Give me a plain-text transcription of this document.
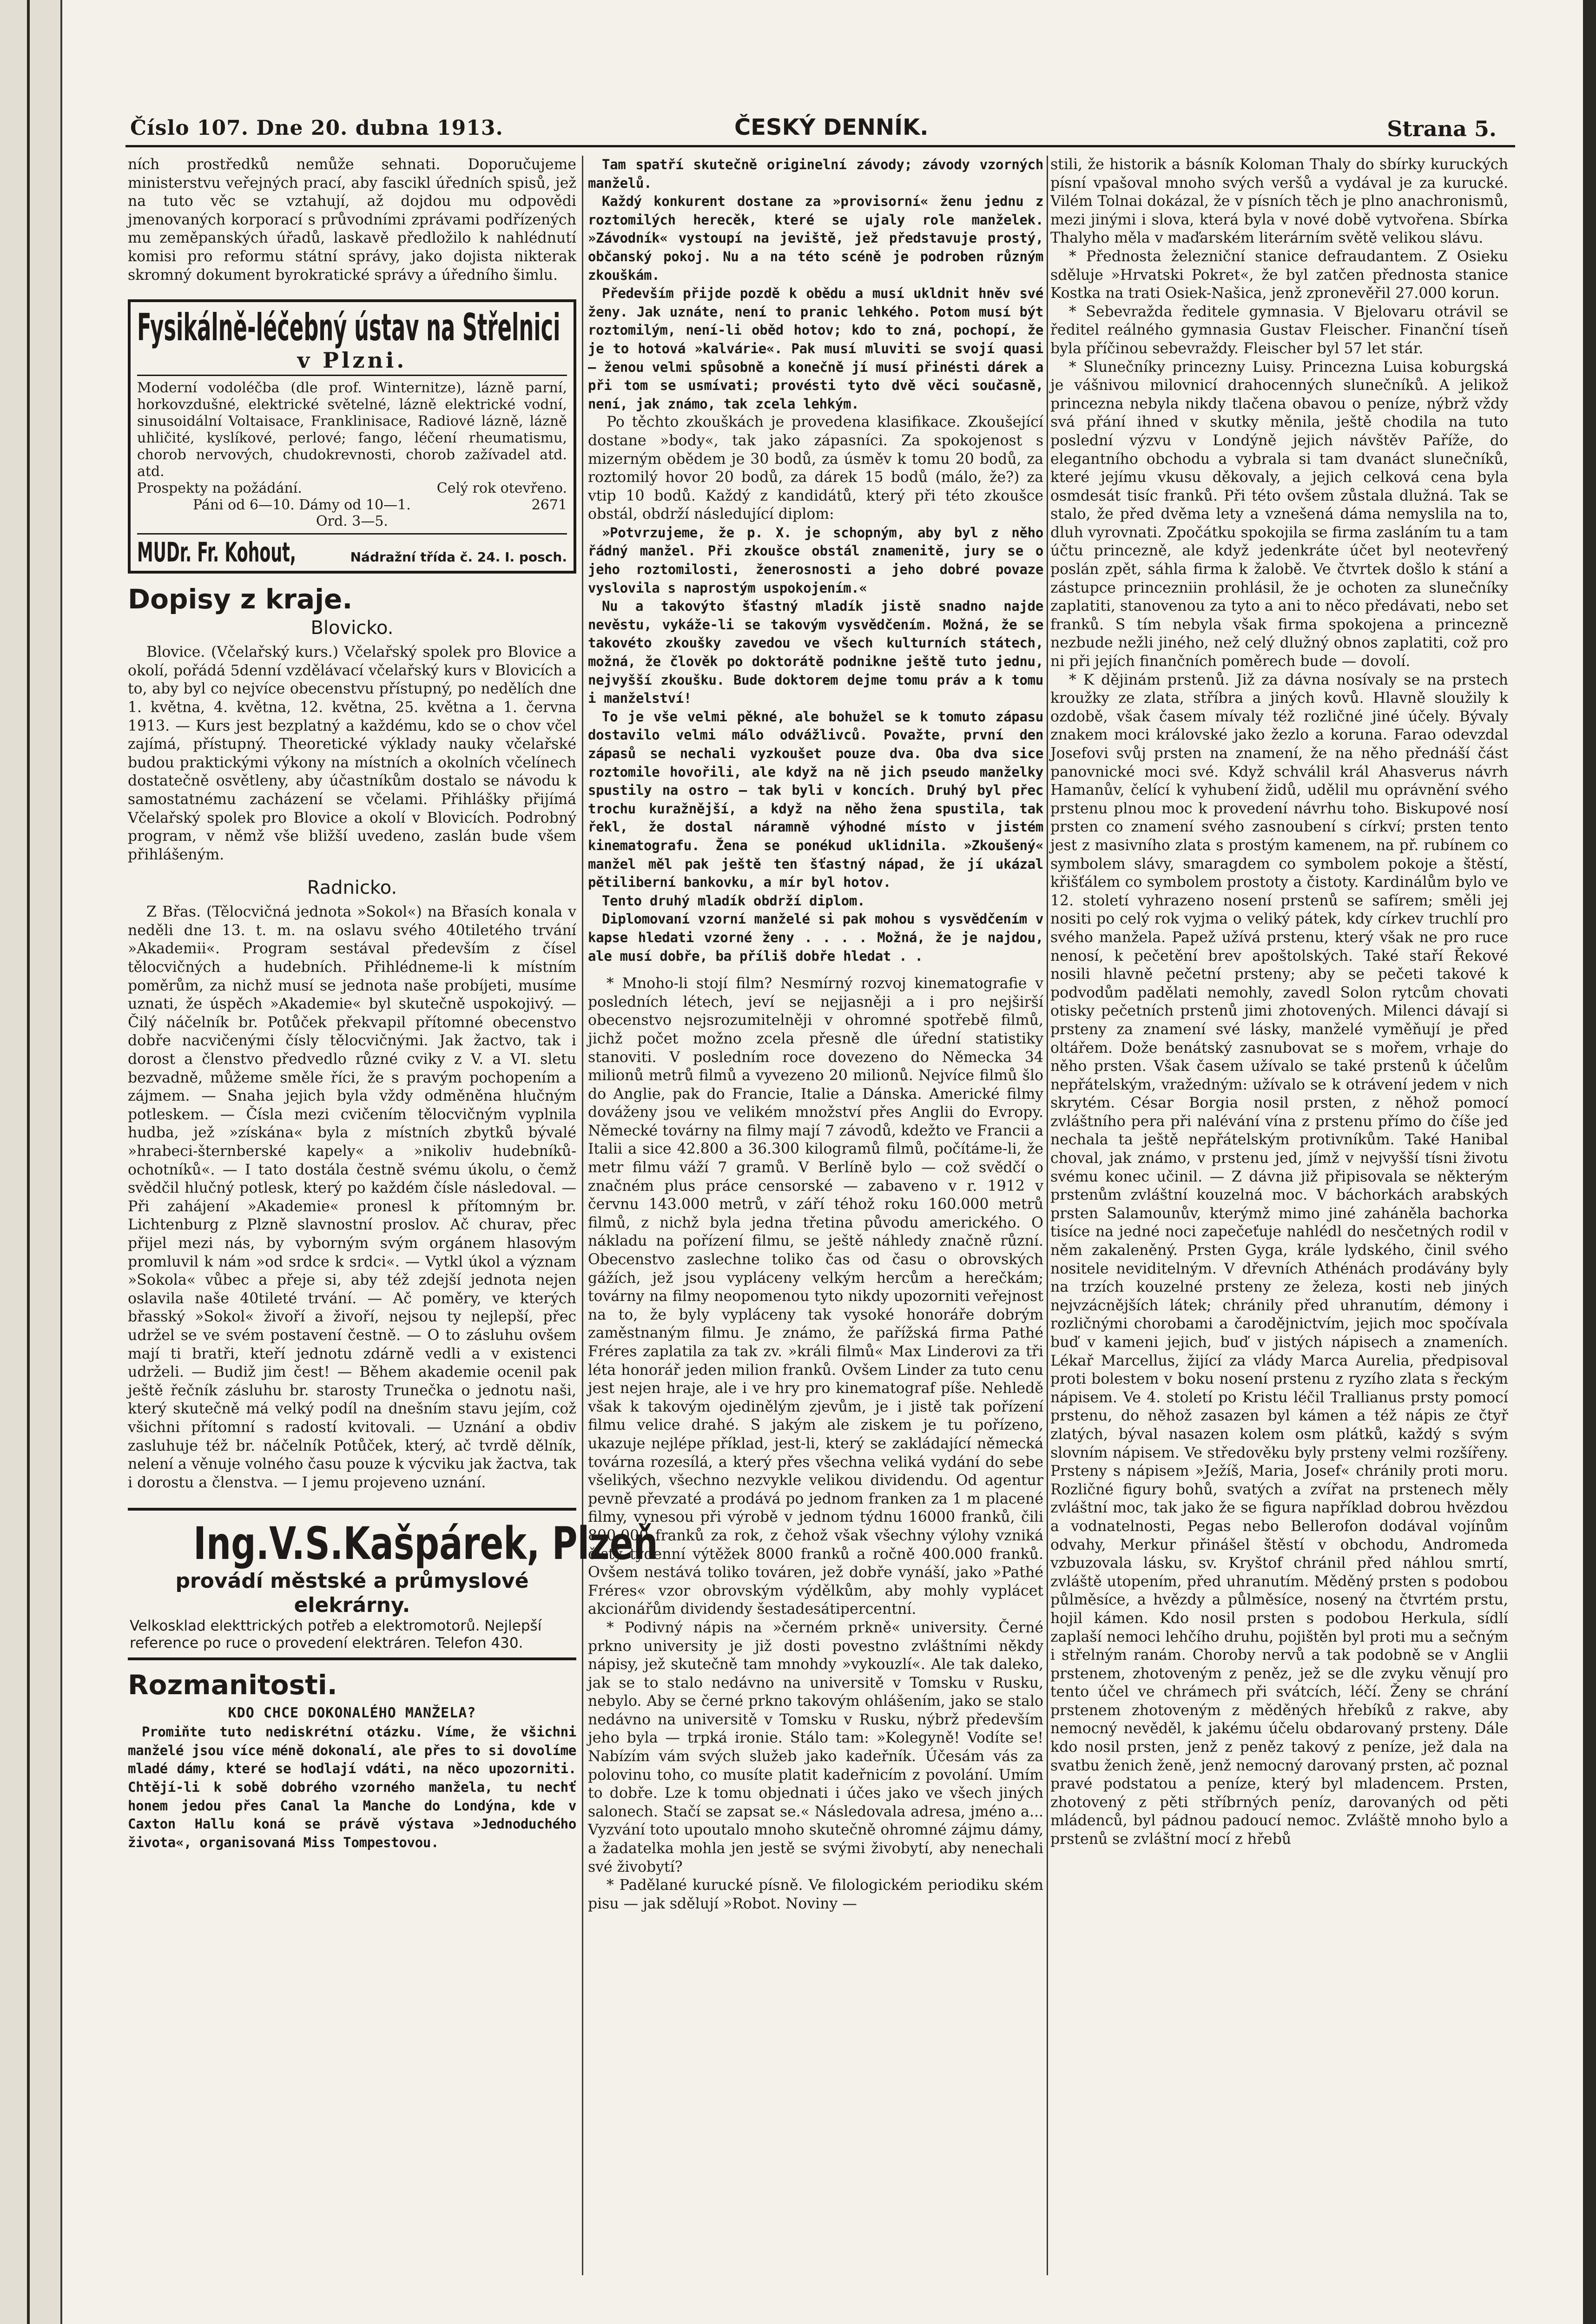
Číslo 107. Dne 20. dubna 1913.	ČESKÝ DENNÍK.	Strana 5.

ních prostředků nemůže sehnati. Doporučujeme ministerstvu veřejných prací, aby fascikl úředních spisů, jež na tuto věc se vztahují, až dojdou mu odpovědi jmenovaných korporací s průvodními zprávami podřízených mu zeměpanských úřadů, laskavě předložilo k nahlédnutí komisi pro reformu státní správy, jako dojista nikterak skromný dokument byrokratické správy a úředního šimlu.

Fysikálně-léčebný ústav na Střelnici
v Plzni.
Moderní vodoléčba (dle prof. Winternitze), lázně parní, horkovzdušné, elektrické světelné, lázně elektrické vodní, sinusoidální Voltaisace, Franklinisace, Radiové lázně, lázně uhličité, kyslíkové, perlové; fango, léčení rheumatismu, chorob nervových, chudokrevnosti, chorob zažívadel atd. atd.
Prospekty na požádání.	Celý rok otevřeno.
Páni od 6—10. Dámy od 10—1.	2671
Ord. 3—5.
MUDr. Fr. Kohout,	Nádražní třída č. 24. I. posch.
Dopisy z kraje.
Blovicko.

Blovice. (Včelařský kurs.) Včelařský spolek pro Blovice a okolí, pořádá 5denní vzdělávací včelařský kurs v Blovicích a to, aby byl co nejvíce obecenstvu přístupný, po nedělích dne 1. května, 4. května, 12. května, 25. května a 1. června 1913. — Kurs jest bezplatný a každému, kdo se o chov včel zajímá, přístupný. Theoretické výklady nauky včelařské budou praktickými výkony na místních a okolních včelínech dostatečně osvětleny, aby účastníkům dostalo se návodu k samostatnému zacházení se včelami. Přihlášky přijímá Včelařský spolek pro Blovice a okolí v Blovicích. Podrobný program, v němž vše bližší uvedeno, zaslán bude všem přihlášeným.

Radnicko.

Z Břas. (Tělocvičná jednota »Sokol«) na Břasích konala v neděli dne 13. t. m. na oslavu svého 40tiletého trvání »Akademii«. Program sestával především z čísel tělocvičných a hudebních. Přihlédneme-li k místním poměrům, za nichž musí se jednota naše probíjeti, musíme uznati, že úspěch »Akademie« byl skutečně uspokojivý. —Čilý náčelník br. Potůček překvapil přítomné obecenstvo dobře nacvičenými čísly tělocvičnými. Jak žactvo, tak i dorost a členstvo předvedlo různé cviky z V. a VI. sletu bezvadně, můžeme směle říci, že s pravým pochopením a zájmem. — Snaha jejich byla vždy odměněna hlučným potleskem. — Čísla mezi cvičením tělocvičným vyplnila hudba, jež »získána« byla z místních zbytků bývalé »hrabeci-šternberské kapely« a »nikoliv hudebníků-ochotníků«. — I tato dostála čestně svému úkolu, o čemž svědčil hlučný potlesk, který po každém čísle následoval. — Při zahájení »Akademie« pronesl k přítomným br. Lichtenburg z Plzně slavnostní proslov. Ač churav, přec přijel mezi nás, by vyborným svým orgánem hlasovým promluvil k nám »od srdce k srdci«. — Vytkl úkol a význam »Sokola« vůbec a přeje si, aby též zdejší jednota nejen oslavila naše 40tileté trvání. — Ač poměry, ve kterých břasský »Sokol« živoří a živoří, nejsou ty nejlepší, přec udržel se ve svém postavení čestně. — O to zásluhu ovšem mají ti bratři, kteří jednotu zdárně vedli a v existenci udrželi. — Budiž jim čest! — Během akademie ocenil pak ještě řečník zásluhu br. starosty Trunečka o jednotu naši, který skutečně má velký podíl na dnešním stavu jejím, což všichni přítomní s radostí kvitovali. — Uznání a obdiv zasluhuje též br. náčelník Potůček, který, ač tvrdě dělník, nelení a věnuje volného času pouze k výcviku jak žactva, tak i dorostu a členstva. — I jemu projeveno uznání.

Ing.V.S.Kašpárek, Plzeň
provádí městské a průmyslové
elekrárny.
Velkosklad elekttrických potřeb a elektromotorů. Nejlepší reference po ruce o provedení elektráren. Telefon 430.
Rozmanitosti.
KDO CHCE DOKONALÉHO MANŽELA?

Promiňte tuto nediskrétní otázku. Víme, že všichni manželé jsou více méně dokonalí, ale přes to si dovolíme mladé dámy, které se hodlají vdáti, na něco upozorniti. Chtějí-li k sobě dobrého vzorného manžela, tu nechť honem jedou přes Canal la Manche do Londýna, kde v Caxton Hallu koná se právě výstava »Jednoduchého života«, organisovaná Miss Tompestovou.

Tam spatří skutečně originelní závody; závody vzorných manželů.

Každý konkurent dostane za »provisorní« ženu jednu z roztomilých herecěk, které se ujaly role manželek. »Závodník« vystoupí na jeviště, jež představuje prostý, občanský pokoj. Nu a na této scéně je podroben různým zkouškám.

Především přijde pozdě k obědu a musí ukldnit hněv své ženy. Jak uznáte, není to pranic lehkého. Potom musí být roztomilým, není-li oběd hotov; kdo to zná, pochopí, že je to hotová »kalvárie«. Pak musí mluviti se svojí quasi — ženou velmi spůsobně a konečně jí musí přinésti dárek a při tom se usmívati; provésti tyto dvě věci současně, není, jak známo, tak zcela lehkým.

Po těchto zkouškách je provedena klasifikace. Zkoušející dostane »body«, tak jako zápasníci. Za spokojenost s mizerným obědem je 30 bodů, za úsměv k tomu 20 bodů, za roztomilý hovor 20 bodů, za dárek 15 bodů (málo, že?) za vtip 10 bodů. Každý z kandidátů, který při této zkoušce obstál, obdrží následující diplom:

»Potvrzujeme, že p. X. je schopným, aby byl z něho řádný manžel. Při zkoušce obstál znamenitě, jury se o jeho roztomilosti, ženerosnosti a jeho dobré povaze vyslovila s naprostým uspokojením.«

Nu a takovýto šťastný mladík jistě snadno najde nevěstu, vykáže-li se takovým vysvědčením. Možná, že se takovéto zkoušky zavedou ve všech kulturních státech, možná, že člověk po doktorátě podnikne ještě tuto jednu, nejvyšší zkoušku. Bude doktorem dejme tomu práv a k tomu i manželství!

To je vše velmi pěkné, ale bohužel se k tomuto zápasu dostavilo velmi málo odvážlivců. Považte, první den zápasů se nechali vyzkoušet pouze dva. Oba dva sice roztomile hovořili, ale když na ně jich pseudo manželky spustily na ostro — tak byli v koncích. Druhý byl přec trochu kuražnější, a když na něho žena spustila, tak řekl, že dostal náramně výhodné místo v jistém kinematografu. Žena se ponékud uklidnila. »Zkoušený« manžel měl pak ještě ten šťastný nápad, že jí ukázal pětiliberní bankovku, a mír byl hotov.

Tento druhý mladík obdrží diplom.

Diplomovaní vzorní manželé si pak mohou s vysvědčením v kapse hledati vzorné ženy . . . . Možná, že je najdou, ale musí dobře, ba příliš dobře hledat . .

* Mnoho-li stojí film? Nesmírný rozvoj kinematografie v posledních létech, jeví se nejjasněji a i pro nejširší obecenstvo nejsrozumitelněji v ohromné spotřebě filmů, jichž počet možno zcela přesně dle úřední statistiky stanoviti. V posledním roce dovezeno do Německa 34 milionů metrů filmů a vyvezeno 20 milionů. Nejvíce filmů šlo do Anglie, pak do Francie, Italie a Dánska. Americké filmy dováženy jsou ve velikém množství přes Anglii do Evropy. Německé továrny na filmy mají 7 závodů, kdežto ve Francii a Italii a sice 42.800 a 36.300 kilogramů filmů, počítáme-li, že metr filmu váží 7 gramů. V Berlíně bylo — což svědčí o značném plus práce censorské — zabaveno v r. 1912 v červnu 143.000 metrů, v září téhož roku 160.000 metrů filmů, z nichž byla jedna třetina původu amerického. O nákladu na pořízení filmu, se ještě náhledy značně různí. Obecenstvo zaslechne toliko čas od času o obrovských gážích, jež jsou vypláceny velkým hercům a herečkám; továrny na filmy neopomenou tyto nikdy upozorniti veřejnost na to, že byly vypláceny tak vysoké honoráře dobrým zaměstnaným filmu. Je známo, že pařížská firma Pathé Fréres zaplatila za tak zv. »králi filmů« Max Linderovi za tři léta honorář jeden milion franků. Ovšem Linder za tuto cenu jest nejen hraje, ale i ve hry pro kinematograf píše. Nehledě však k takovým ojedinělým zjevům, je i jistě tak pořízení filmu velice drahé. S jakým ale ziskem je tu pořízeno, ukazuje nejlépe příklad, jest-li, který se zakládající německá továrna rozesílá, a který přes všechna veliká vydání do sebe všelikých, všechno nezvykle velikou dividendu. Od agentur pevně převzaté a prodává po jednom franken za 1 m placené filmy, vynesou při výrobě v jednom týdnu 16000 franků, čili 800.000 franků za rok, z čehož však všechny výlohy vzniká čistý týdenní výtěžek 8000 franků a ročně 400.000 franků. Ovšem nestává toliko továren, jež dobře vynáší, jako »Pathé Fréres« vzor obrovským výdělkům, aby mohly vyplácet akcionářům dividendy šestadesátipercentní.

* Podivný nápis na »černém prkně« university. Černé prkno university je již dosti povestno zvláštními někdy nápisy, jež skutečně tam mnohdy »vykouzlí«. Ale tak daleko, jak se to stalo nedávno na universitě v Tomsku v Rusku, nebylo. Aby se černé prkno takovým ohlášením, jako se stalo nedávno na universitě v Tomsku v Rusku, nýbrž především jeho byla — trpká ironie. Stálo tam: »Kolegyně! Vodíte se! Nabízím vám svých služeb jako kadeřník. Účesám vás za polovinu toho, co musíte platit kadeřnicím z povolání. Umím to dobře. Lze k tomu objednati i účes jako ve všech jiných salonech. Stačí se zapsat se.« Následovala adresa, jméno a... Vyzvání toto upoutalo mnoho skutečně ohromné zájmu dámy, a žadatelka mohla jen jestě se svými živobytí, aby nenechali své živobytí?

* Padělané kurucké písně. Ve filologickém periodiku ském pisu — jak sdělují »Robot. Noviny —

stili, že historik a básník Koloman Thaly do sbírky kuruckých písní vpašoval mnoho svých veršů a vydával je za kurucké. Vilém Tolnai dokázal, že v písních těch je plno anachronismů, mezi jinými i slova, která byla v nové době vytvořena. Sbírka Thalyho měla v maďarském literárním světě velikou slávu.

* Přednosta železniční stanice defraudantem. Z Osieku sděluje »Hrvatski Pokret«, že byl zatčen přednosta stanice Kostka na trati Osiek-Našica, jenž zpronevěřil 27.000 korun.

* Sebevražda ředitele gymnasia. V Bjelovaru otrávil se ředitel reálného gymnasia Gustav Fleischer. Finanční tíseň byla příčinou sebevraždy. Fleischer byl 57 let stár.

* Slunečníky princezny Luisy. Princezna Luisa koburgská je vášnivou milovnicí drahocenných slunečníků. A jelikož princezna nebyla nikdy tlačena obavou o peníze, nýbrž vždy svá přání ihned v skutky měnila, ještě chodila na tuto poslední výzvu v Londýně jejich návštěv Paříže, do elegantního obchodu a vybrala si tam dvanáct slunečníků, které jejímu vkusu děkovaly, a jejich celková cena byla osmdesát tisíc franků. Při této ovšem zůstala dlužná. Tak se stalo, že před dvěma lety a vznešená dáma nemyslila na to, dluh vyrovnati. Zpočátku spokojila se firma zasláním tu a tam účtu princezně, ale když jedenkráte účet byl neotevřený poslán zpět, sáhla firma k žalobě. Ve čtvrtek došlo k stání a zástupce princezniin prohlásil, že je ochoten za slunečníky zaplatiti, stanovenou za tyto a ani to něco předávati, nebo set franků. S tím nebyla však firma spokojena a princezně nezbude nežli jiného, než celý dlužný obnos zaplatiti, což pro ni při jejích finančních poměrech bude — dovolí.

* K dějinám prstenů. Již za dávna nosívaly se na prstech kroužky ze zlata, stříbra a jiných kovů. Hlavně sloužily k ozdobě, však časem mívaly též rozličné jiné účely. Bývaly znakem moci královské jako žezlo a koruna. Farao odevzdal Josefovi svůj prsten na znamení, že na něho přednáší část panovnické moci své. Když schválil král Ahasverus návrh Hamanův, čelící k vyhubení židů, udělil mu oprávnění svého prstenu plnou moc k provedení návrhu toho. Biskupové nosí prsten co znamení svého zasnoubení s církví; prsten tento jest z masivního zlata s prostým kamenem, na př. rubínem co symbolem slávy, smaragdem co symbolem pokoje a štěstí, křišťálem co symbolem prostoty a čistoty. Kardinálům bylo ve 12. století vyhrazeno nosení prstenů se safírem; směli jej nositi po celý rok vyjma o veliký pátek, kdy církev truchlí pro svého manžela. Papež užívá prstenu, který však ne pro ruce nenosí, k pečetění brev apoštolských. Také staří Řekové nosili hlavně pečetní prsteny; aby se pečeti takové k podvodům padělati nemohly, zavedl Solon rytcům chovati otisky pečetních prstenů jimi zhotovených. Milenci dávají si prsteny za znamení své lásky, manželé vyměňují je před oltářem. Dože benátský zasnubovat se s mořem, vrhaje do něho prsten. Však časem užívalo se také prstenů k účelům nepřátelským, vražedným: užívalo se k otrávení jedem v nich skrytém. César Borgia nosil prsten, z něhož pomocí zvláštního pera při nalévání vína z prstenu přímo do číše jed nechala ta ještě nepřátelským protivníkům. Také Hanibal choval, jak známo, v prstenu jed, jímž v nejvyšší tísni životu svému konec učinil. — Z dávna již připisovala se některým prstenům zvláštní kouzelná moc. V báchorkách arabských prsten Salamounův, kterýmž mimo jiné zaháněla bachorka tisíce na jedné noci zapečeťuje nahlédl do nesčetných rodil v něm zakaleněný. Prsten Gyga, krále lydského, činil svého nositele neviditelným. V dřevních Athénách prodávány byly na trzích kouzelné prsteny ze železa, kosti neb jiných nejvzácnějších látek; chránily před uhranutím, démony i rozličnými chorobami a čarodějnictvím, jejich moc spočívala buď v kameni jejich, buď v jistých nápisech a znameních. Lékař Marcellus, žijící za vlády Marca Aurelia, předpisoval proti bolestem v boku nosení prstenu z ryzího zlata s řeckým nápisem. Ve 4. století po Kristu léčil Trallianus prsty pomocí prstenu, do něhož zasazen byl kámen a též nápis ze čtyř zlatých, býval nasazen kolem osm plátků, každý s svým slovním nápisem. Ve středověku byly prsteny velmi rozšířeny. Prsteny s nápisem »Ježíš, Maria, Josef« chránily proti moru. Rozličné figury bohů, svatých a zvířat na prstenech měly zvláštní moc, tak jako že se figura například dobrou hvězdou a vodnatelnosti, Pegas nebo Bellerofon dodával vojínům odvahy, Merkur přinášel štěstí v obchodu, Andromeda vzbuzovala lásku, sv. Kryštof chránil před náhlou smrtí, zvláště utopením, před uhranutím. Měděný prsten s podobou půlměsíce, a hvězdy a půlměsíce, nosený na čtvrtém prstu, hojil kámen. Kdo nosil prsten s podobou Herkula, sídlí zaplaší nemoci lehčího druhu, pojištěn byl proti mu a sečným i střelným ranám. Choroby nervů a tak podobně se v Anglii prstenem, zhotoveným z peněz, jež se dle zvyku věnují pro tento účel ve chrámech při svátcích, léčí. Ženy se chrání prstenem zhotoveným z měděných hřebíků z rakve, aby nemocný nevěděl, k jakému účelu obdarovaný prsteny. Dále kdo nosil prsten, jenž z peněz takový z peníze, jež dala na svatbu ženich ženě, jenž nemocný darovaný prsten, ač poznal pravé podstatou a peníze, který byl mladencem. Prsten, zhotovený z pěti stříbrných peníz, darovaných od pěti mládenců, byl pádnou padoucí nemoc. Zvláště mnoho bylo a prstenů se zvláštní mocí z hřebů
